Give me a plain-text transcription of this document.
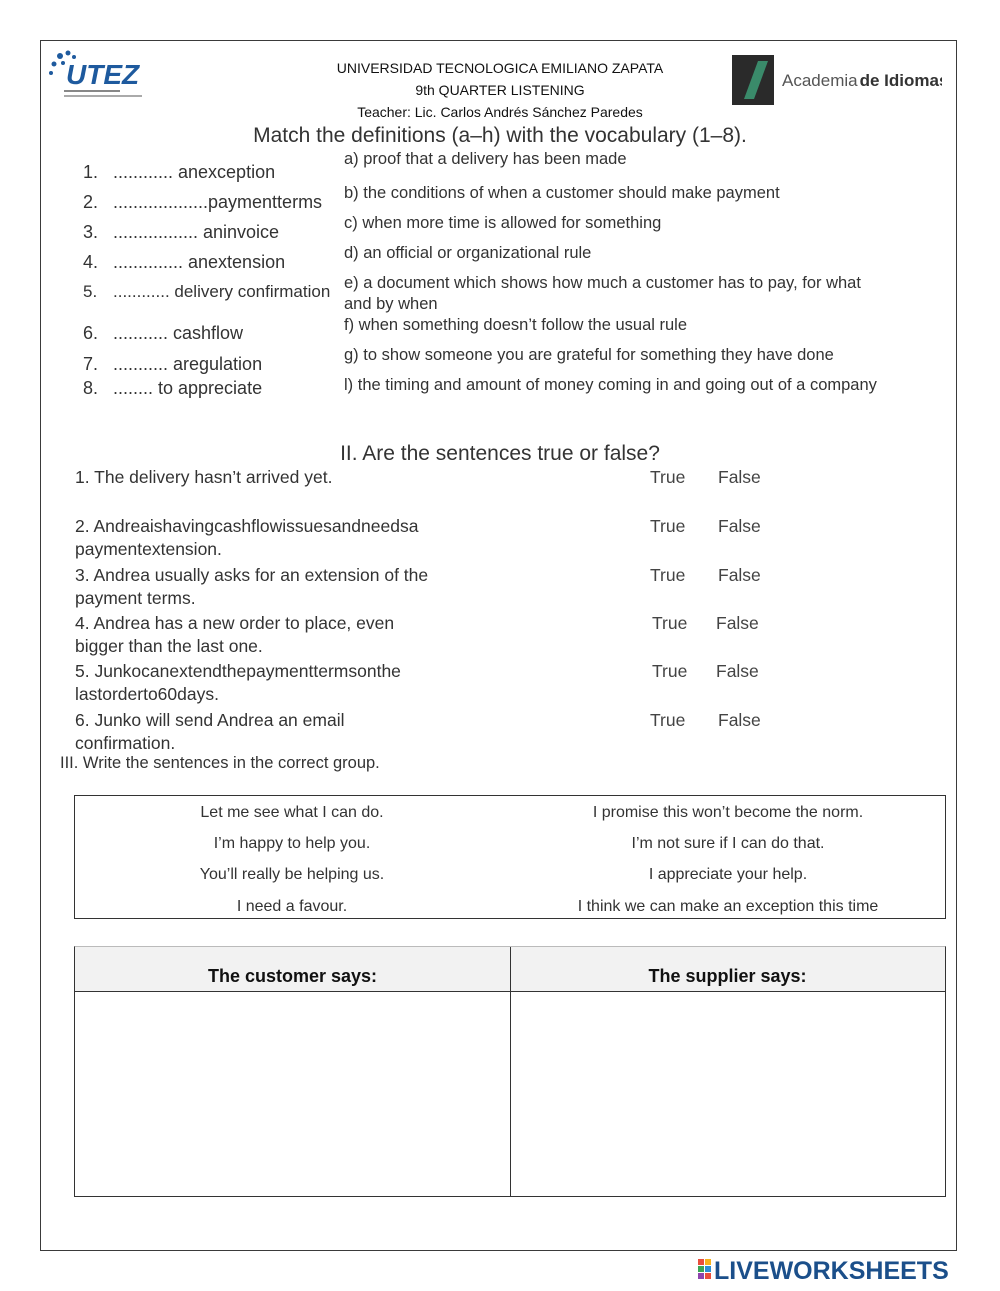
UTEZ	UNIVERSIDAD TECNOLOGICA EMILIANO ZAPATA
9th QUARTER LISTENING
Teacher: Lic. Carlos Andrés Sánchez Paredes
Academia de Idiomas
Match the definitions (a–h) with the vocabulary (1–8).
1. ............ anexception
2. ...................paymentterms
3. ................. aninvoice
4. .............. anextension
5. ............ delivery confirmation
6. ........... cashflow
7. ........... aregulation
8. ........ to appreciate
a) proof that a delivery has been made
b) the conditions of when a customer should make payment
c) when more time is allowed for something
d) an official or organizational rule
e) a document which shows how much a customer has to pay, for what
and by when
f) when something doesn’t follow the usual rule
g) to show someone you are grateful for something they have done
l) the timing and amount of money coming in and going out of a company
II. Are the sentences true or false?
1. The delivery hasn’t arrived yet.	True False
2. Andreaishavingcashflowissuesandneedsa
paymentextension.
True False
3. Andrea usually asks for an extension of the
payment terms.
True False
4. Andrea has a new order to place, even
bigger than the last one.
True False
5. Junkocanextendthepaymenttermsonthe
lastorderto60days.
True False
6. Junko will send Andrea an email
confirmation.
True False
III. Write the sentences in the correct group.
Let me see what I can do.
I’m happy to help you.
You’ll really be helping us.
I need a favour.
I promise this won’t become the norm.
I’m not sure if I can do that.
I appreciate your help.
I think we can make an exception this time
The customer says:	The supplier says:
LIVEWORKSHEETS
